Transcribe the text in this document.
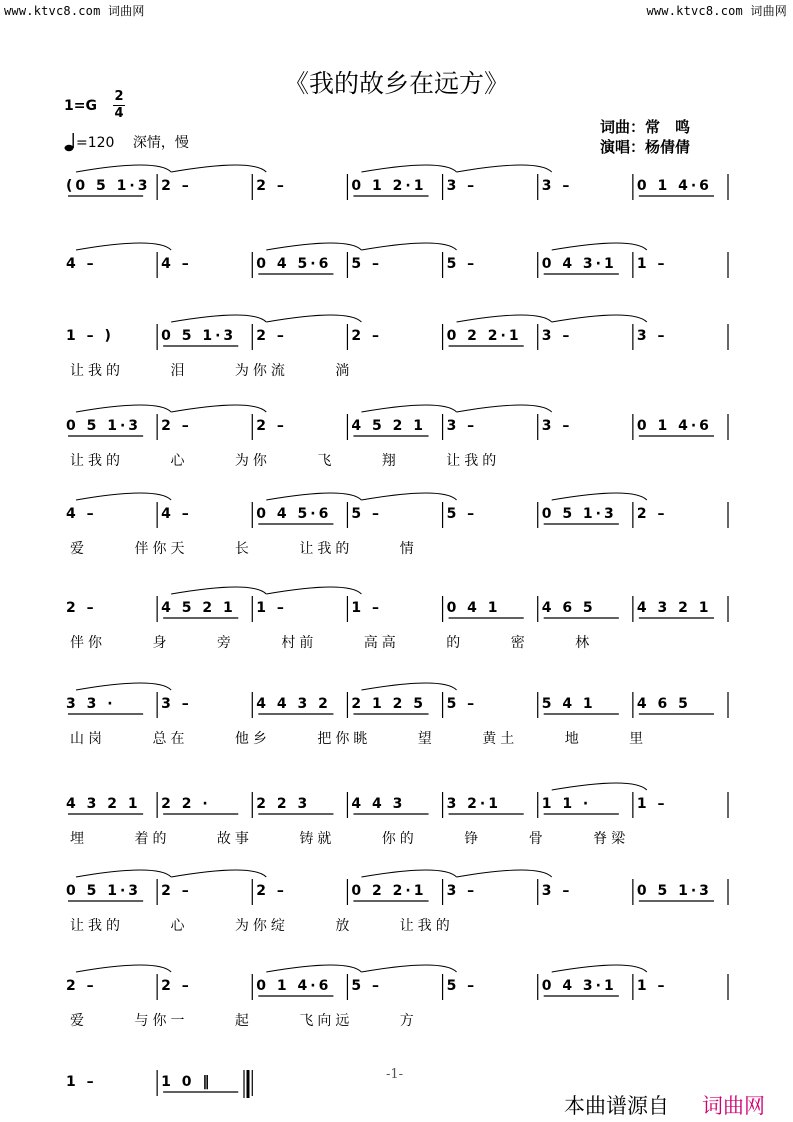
www.ktvc8.com 词曲网	www.ktvc8.com 词曲网
《我的故乡在远方》
1=G
2
4
=120 深情，慢
词曲：常　鸣
演唱：杨倩倩
(0 5 1·3 2 –	2 –	0 1 2·1	3 –	3 –	0 1 4·6
4 –	4 –	0 4 5·6	5 –	5 –	0 4 3·1	1 –
1 – )	0 5 1·3	2 –	2 –	0 2 2·1	3 –	3 –
让我的 泪 为你流 淌
0 5 1·3	2 –	2 –	4 5 2 1	3 –	3 –	0 1 4·6
让我的 心 为你 飞 翔 让我的
4 –	4 –	0 4 5·6	5 –	5 –	0 5 1·3	2 –
爱 伴你天 长 让我的 情
2 –	4 5 2 1	1 –	1 –	0 4 1	4 6 5	4 3 2 1
伴你 身 旁 村前 高高 的 密 林
3 3 ·	3 –	4 4 3 2	2 1 2 5	5 –	5 4 1	4 6 5
山岗 总在 他乡 把你眺 望 黄土 地 里
4 3 2 1	2 2 ·	2 2 3	4 4 3	3 2·1	1 1 ·	1 –
埋 着的 故事 铸就 你的 铮 骨 脊梁
0 5 1·3	2 –	2 –	0 2 2·1	3 –	3 –	0 5 1·3
让我的 心 为你绽 放 让我的
2 –	2 –	0 1 4·6	5 –	5 –	0 4 3·1	1 –
爱 与你一 起 飞向远 方
1 –	1 0 ‖	-1-
本曲谱源自 词曲网
